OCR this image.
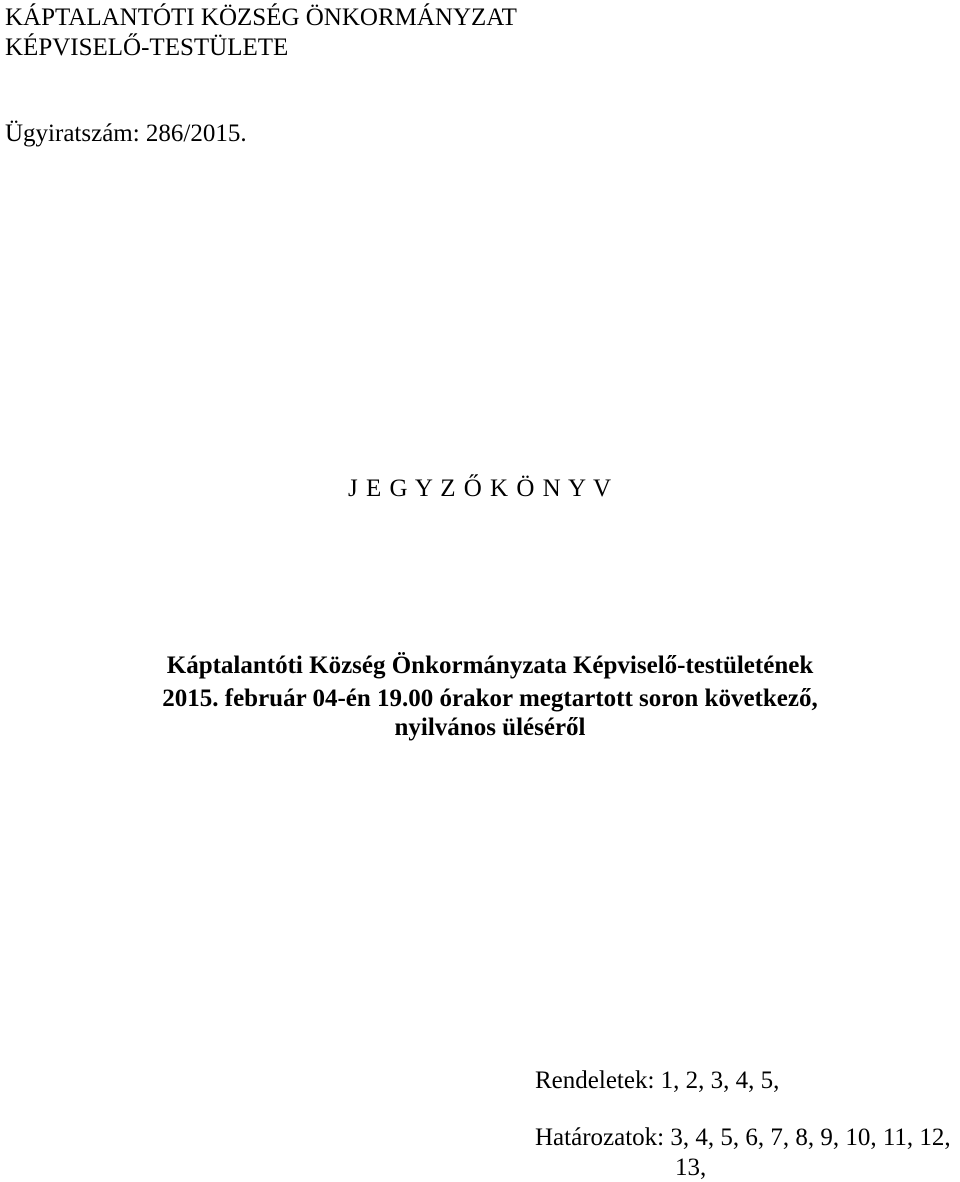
KÁPTALANTÓTI KÖZSÉG ÖNKORMÁNYZAT
KÉPVISELŐ-TESTÜLETE
Ügyiratszám: 286/2015.
J E G Y Z Ő K Ö N Y V
Káptalantóti Község Önkormányzata Képviselő-testületének
2015. február 04-én 19.00 órakor megtartott soron következő,
nyilvános üléséről
Rendeletek: 1, 2, 3, 4, 5,
Határozatok: 3, 4, 5, 6, 7, 8, 9, 10, 11, 12,
13,
